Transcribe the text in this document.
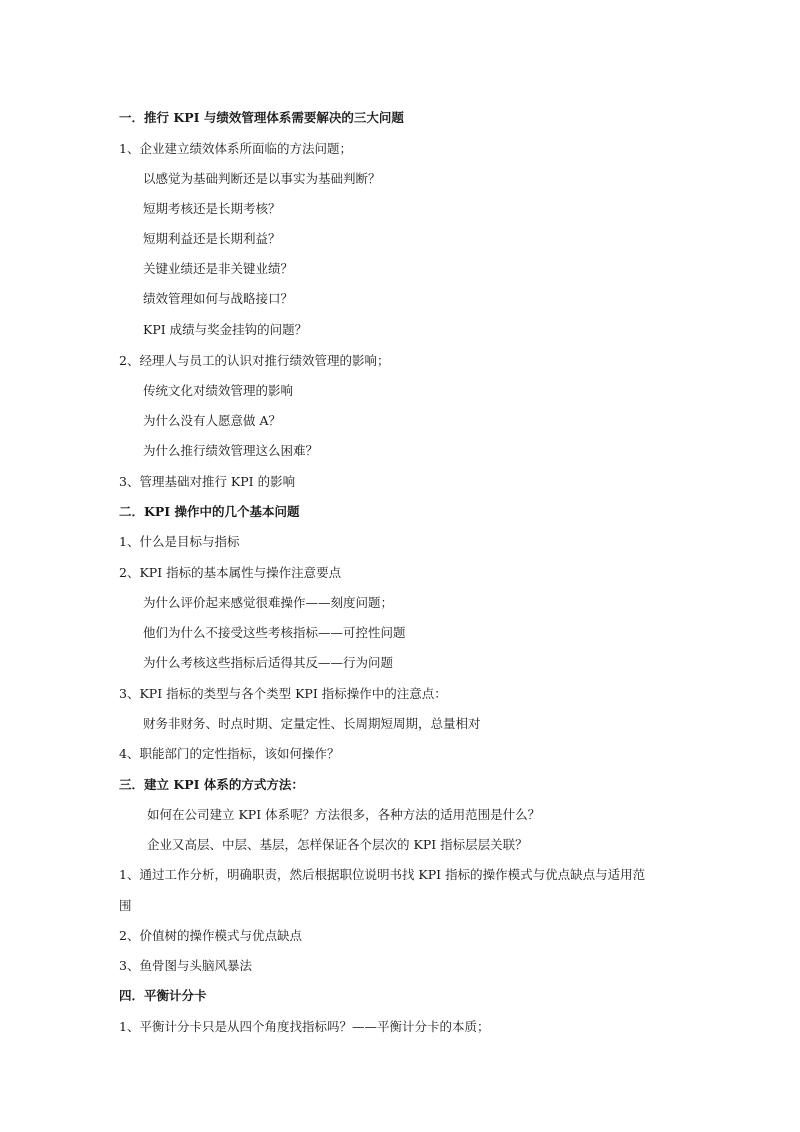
一．推行 KPI 与绩效管理体系需要解决的三大问题
1、企业建立绩效体系所面临的方法问题；
以感觉为基础判断还是以事实为基础判断？
短期考核还是长期考核？
短期利益还是长期利益？
关键业绩还是非关键业绩？
绩效管理如何与战略接口？
KPI 成绩与奖金挂钩的问题？
2、经理人与员工的认识对推行绩效管理的影响；
传统文化对绩效管理的影响
为什么没有人愿意做 A？
为什么推行绩效管理这么困难？
3、管理基础对推行 KPI 的影响
二．KPI 操作中的几个基本问题
1、什么是目标与指标
2、KPI 指标的基本属性与操作注意要点
为什么评价起来感觉很难操作——刻度问题；
他们为什么不接受这些考核指标——可控性问题
为什么考核这些指标后适得其反——行为问题
3、KPI 指标的类型与各个类型 KPI 指标操作中的注意点：
财务非财务、时点时期、定量定性、长周期短周期，总量相对
4、职能部门的定性指标，该如何操作？
三．建立 KPI 体系的方式方法：
如何在公司建立 KPI 体系呢？方法很多，各种方法的适用范围是什么？
企业又高层、中层、基层，怎样保证各个层次的 KPI 指标层层关联？
1、通过工作分析，明确职责，然后根据职位说明书找 KPI 指标的操作模式与优点缺点与适用范
围
2、价值树的操作模式与优点缺点
3、鱼骨图与头脑风暴法
四．平衡计分卡
1、平衡计分卡只是从四个角度找指标吗？——平衡计分卡的本质；
